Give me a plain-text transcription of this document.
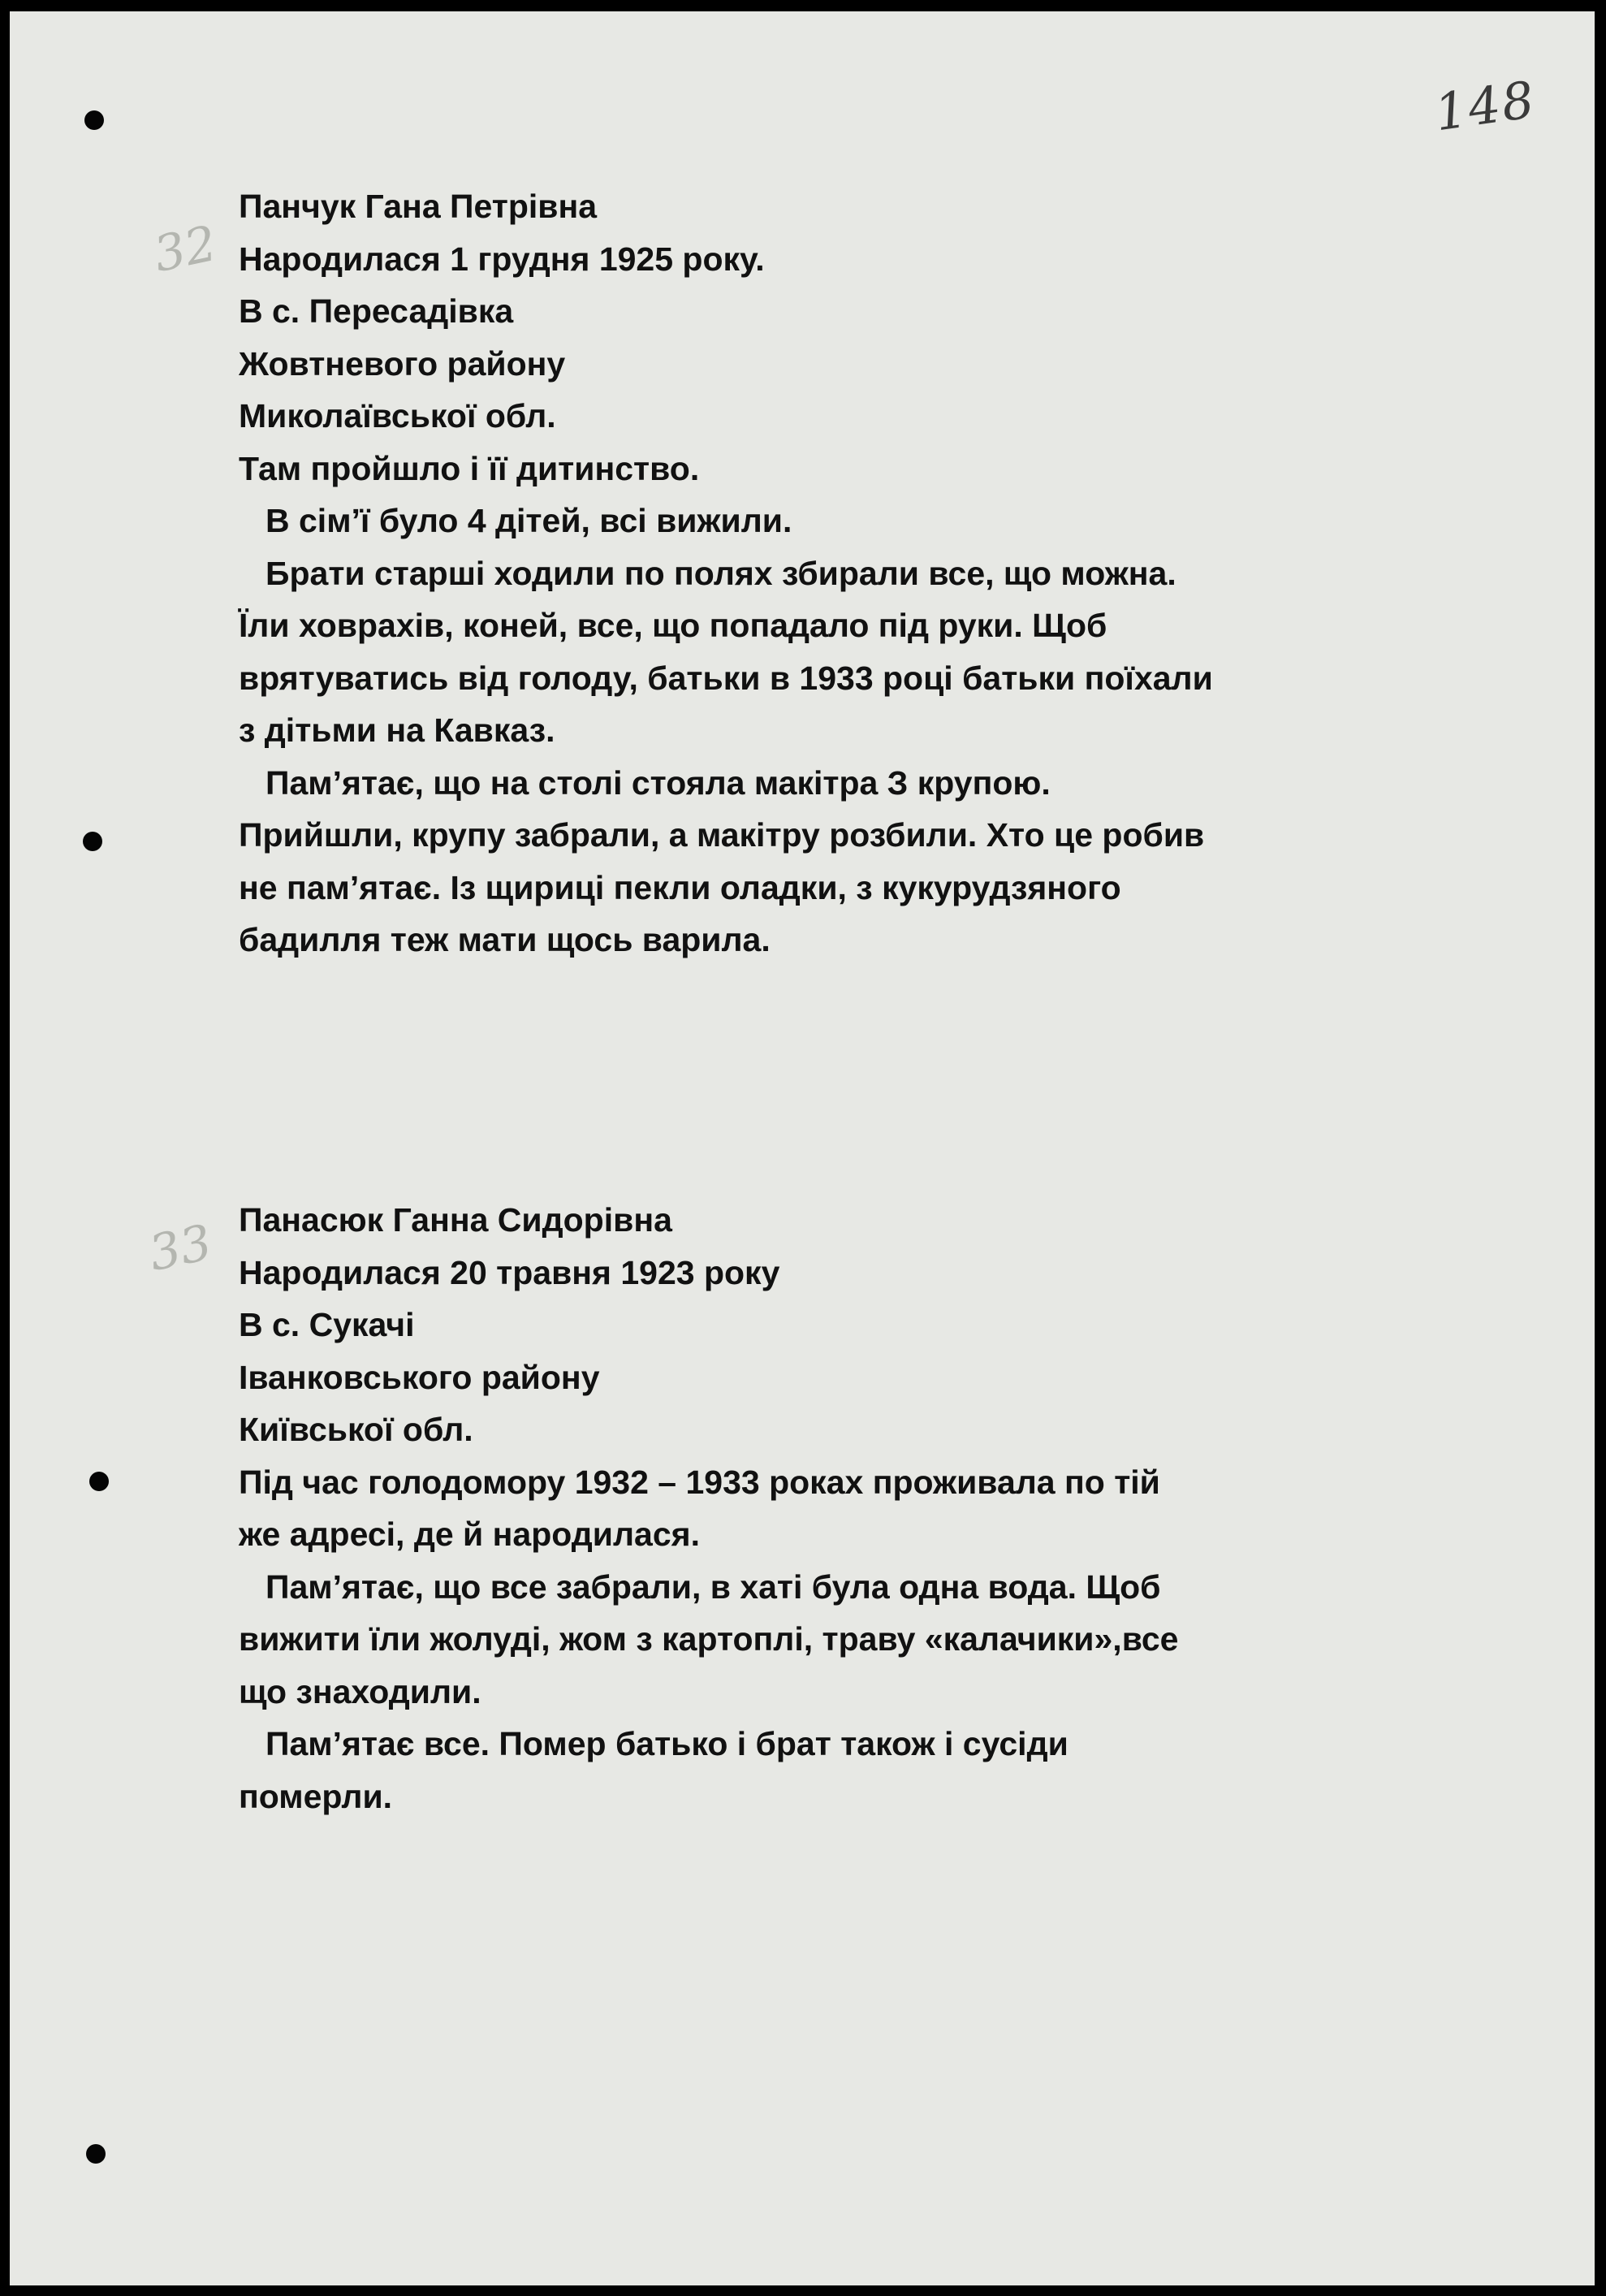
148
32
33
Панчук Гана Петрівна
Народилася 1 грудня 1925 року.
В с. Пересадівка
Жовтневого району
Миколаївської обл.
Там пройшло і її дитинство.
В сім’ї було 4 дітей, всі вижили.
Брати старші ходили по полях збирали все, що можна.
Їли ховрахів, коней, все, що попадало під руки. Щоб
врятуватись від голоду, батьки в 1933 році батьки поїхали
з дітьми на Кавказ.
Пам’ятає, що на столі стояла макітра З крупою.
Прийшли, крупу забрали, а макітру розбили. Хто це робив
не пам’ятає. Із щириці пекли оладки, з кукурудзяного
бадилля теж мати щось варила.
Панасюк Ганна Сидорівна
Народилася 20 травня 1923 року
В с. Сукачі
Іванковського району
Київської обл.
Під час голодомору 1932 – 1933 роках проживала по тій
же адресі, де й народилася.
Пам’ятає, що все забрали, в хаті була одна вода. Щоб
вижити їли жолуді, жом з картоплі, траву «калачики»,все
що знаходили.
Пам’ятає все. Помер батько і брат також і сусіди
померли.
